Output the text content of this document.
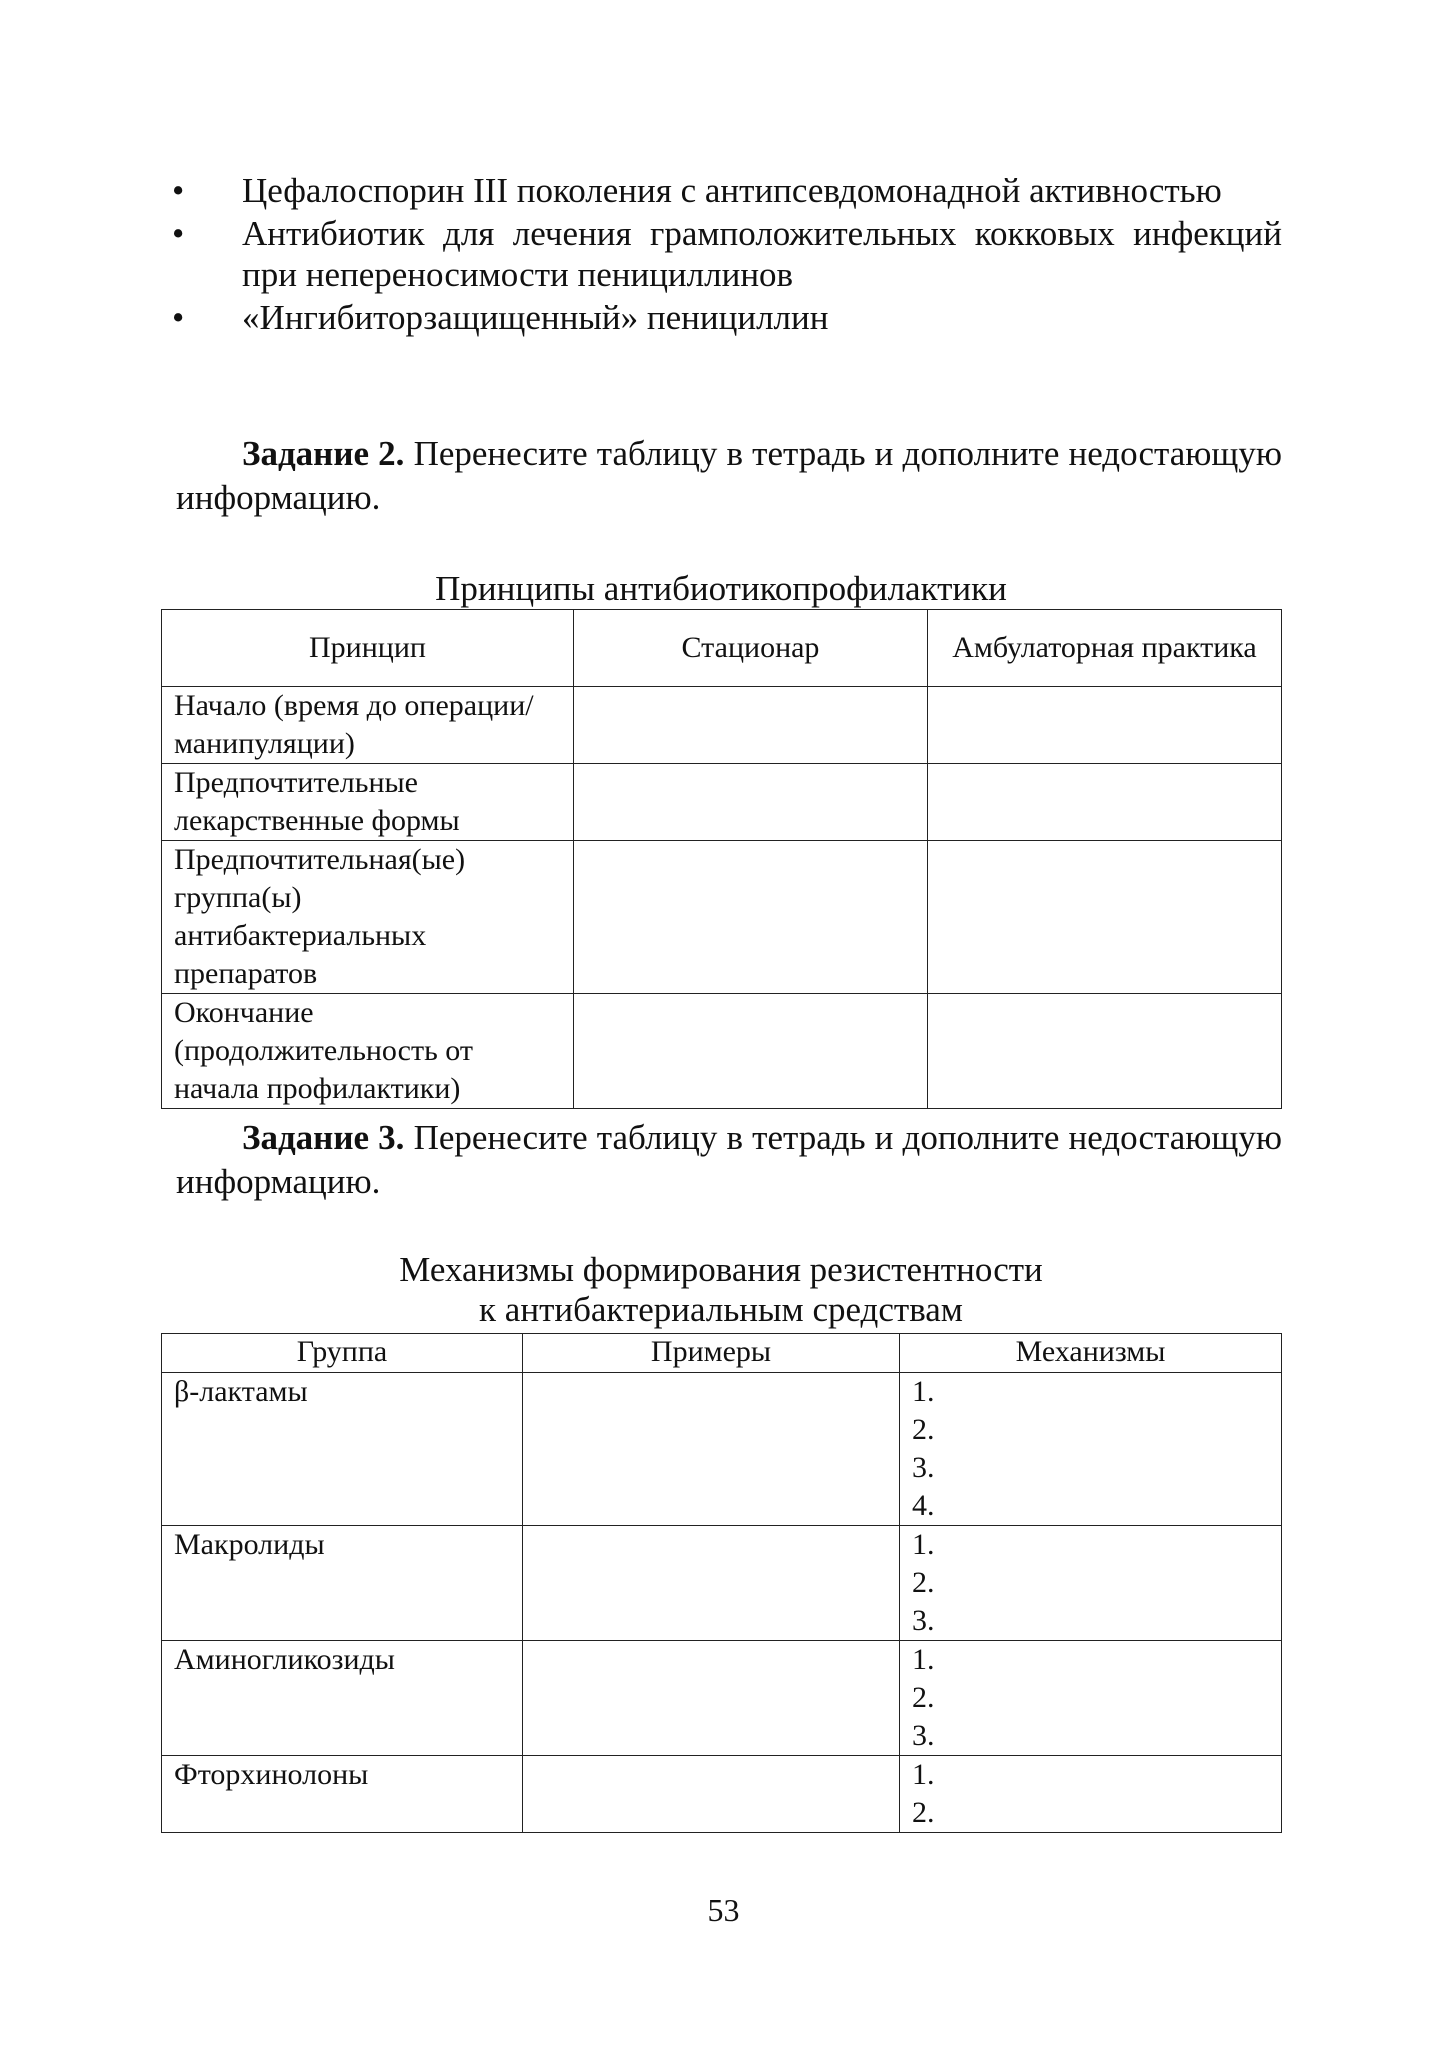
• Цефалоспорин III поколения с антипсевдомонадной активностью
• Антибиотик для лечения грамположительных кокковых инфекций при непереносимости пенициллинов
• «Ингибиторзащищенный» пенициллин

Задание 2. Перенесите таблицу в тетрадь и дополните недостающую информацию.

Принципы антибиотикопрофилактики

Принцип	Стационар	Амбулаторная практика
Начало (время до операции/манипуляции)		
Предпочтительные лекарственные формы		
Предпочтительная(ые) группа(ы) антибактериальных препаратов		
Окончание (продолжительность от начала профилактики)		

Задание 3. Перенесите таблицу в тетрадь и дополните недостающую информацию.

Механизмы формирования резистентности
к антибактериальным средствам

Группа	Примеры	Механизмы
β-лактамы		1.
2.
3.
4.

Макролиды		1.
2.
3.

Аминогликозиды		1.
2.
3.

Фторхинолоны		1.
2.
53
